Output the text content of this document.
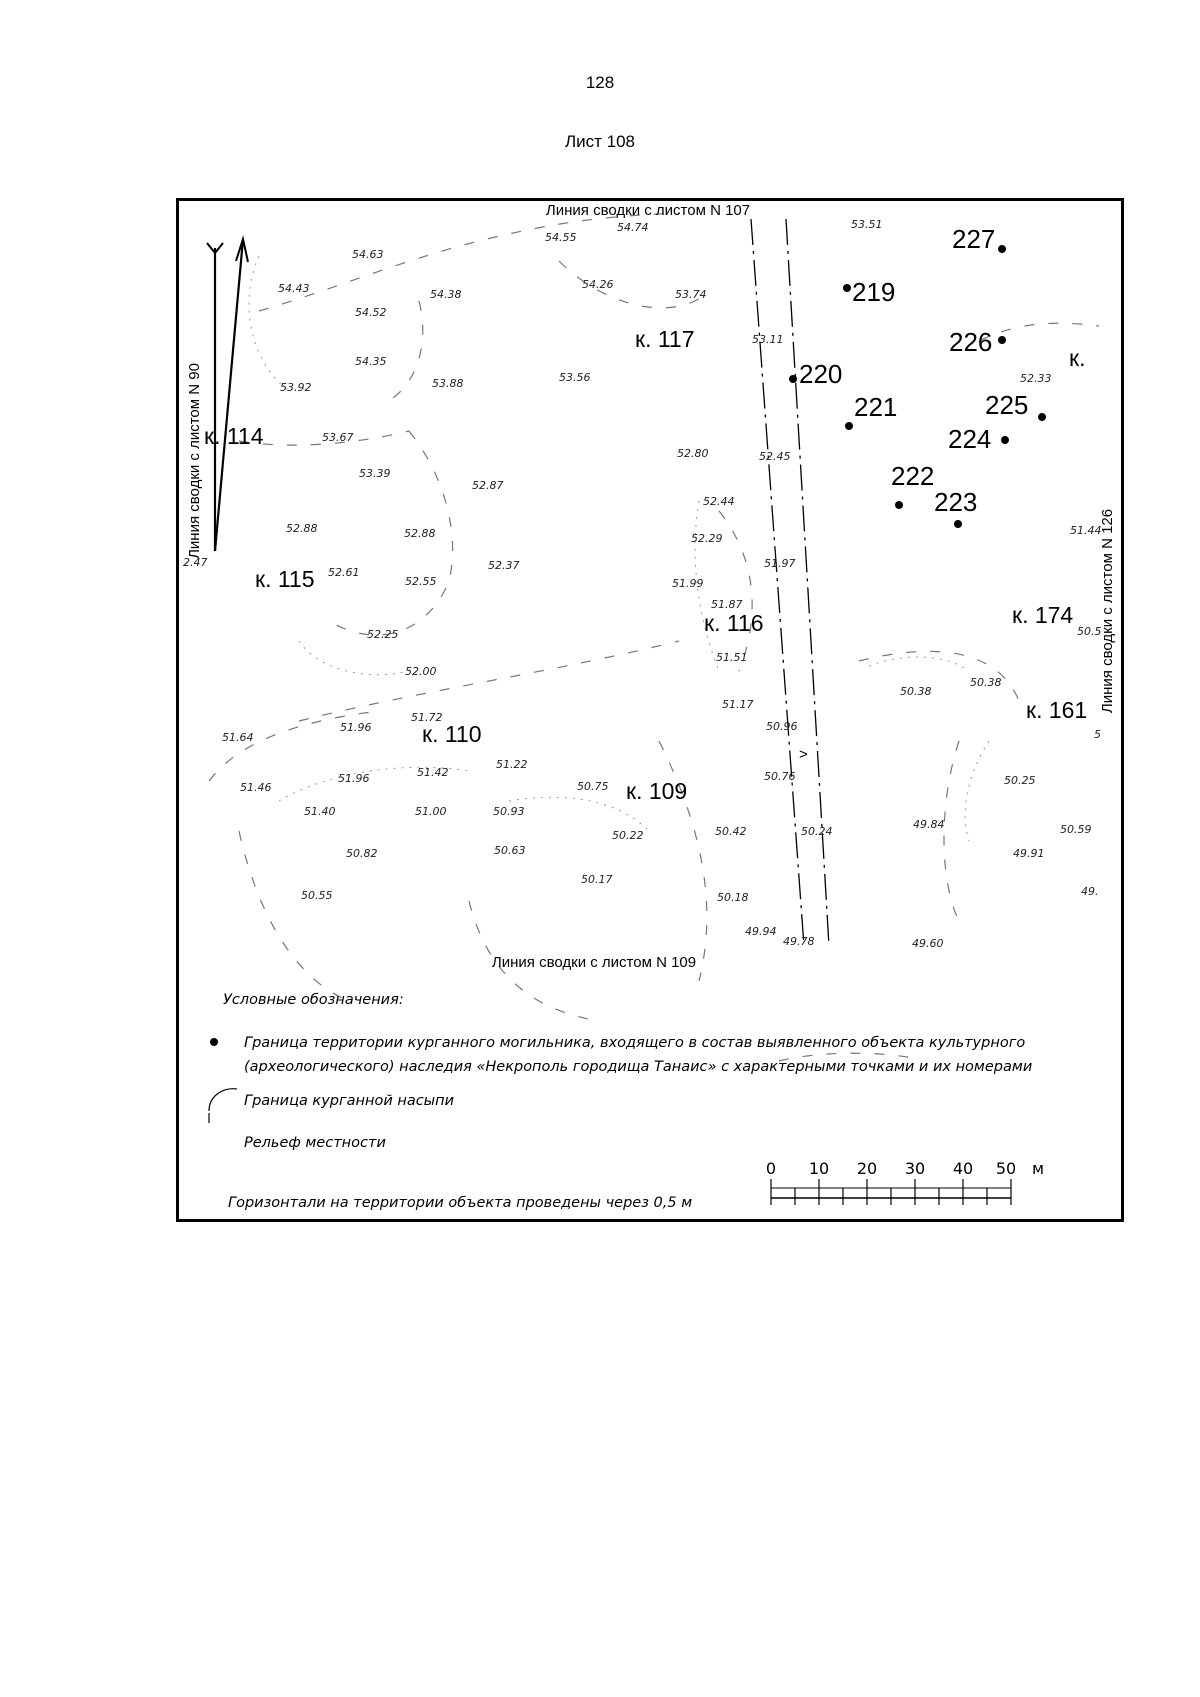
128
Лист 108
>
Линия сводки с листом N 107
Линия сводки с листом N 109
Линия сводки с листом N 90
Линия сводки с листом N 126
54.55
54.74	53.51
54.63
54.43	54.38
54.52
54.26
53.74
53.11
54.35
53.92	53.88	53.56	52.33
53.67
53.39
52.80	52.45
52.87
52.44
52.88	52.88	52.29
51.44
2.47
52.61
52.55
52.37	51.97
51.99
51.87
50.5
52.25
51.51
52.00
50.38
50.38
51.17
51.64
51.96
51.72
50.96
5
51.22
51.42
51.96	50.76	50.25
50.75
51.46
51.40	51.00	50.93
50.22	50.42	50.24
49.84	50.59
50.82	50.63	49.91
50.17
49.
50.55	50.18
49.94
49.78	49.60
к. 114
к. 115
к. 117
к. 116
к. 110
к. 109
к. 174
к. 161
к.
227
219
226
220
221	225
224
222
223
Условные обозначения:
Граница территории курганного могильника, входящего в состав выявленного объекта культурного
(археологического) наследия «Некрополь городища Танаис» с характерными точками и их номерами
Граница курганной насыпи
Рельеф местности
Горизонтали на территории объекта проведены через 0,5 м
0 10 20 30 40 50 м
